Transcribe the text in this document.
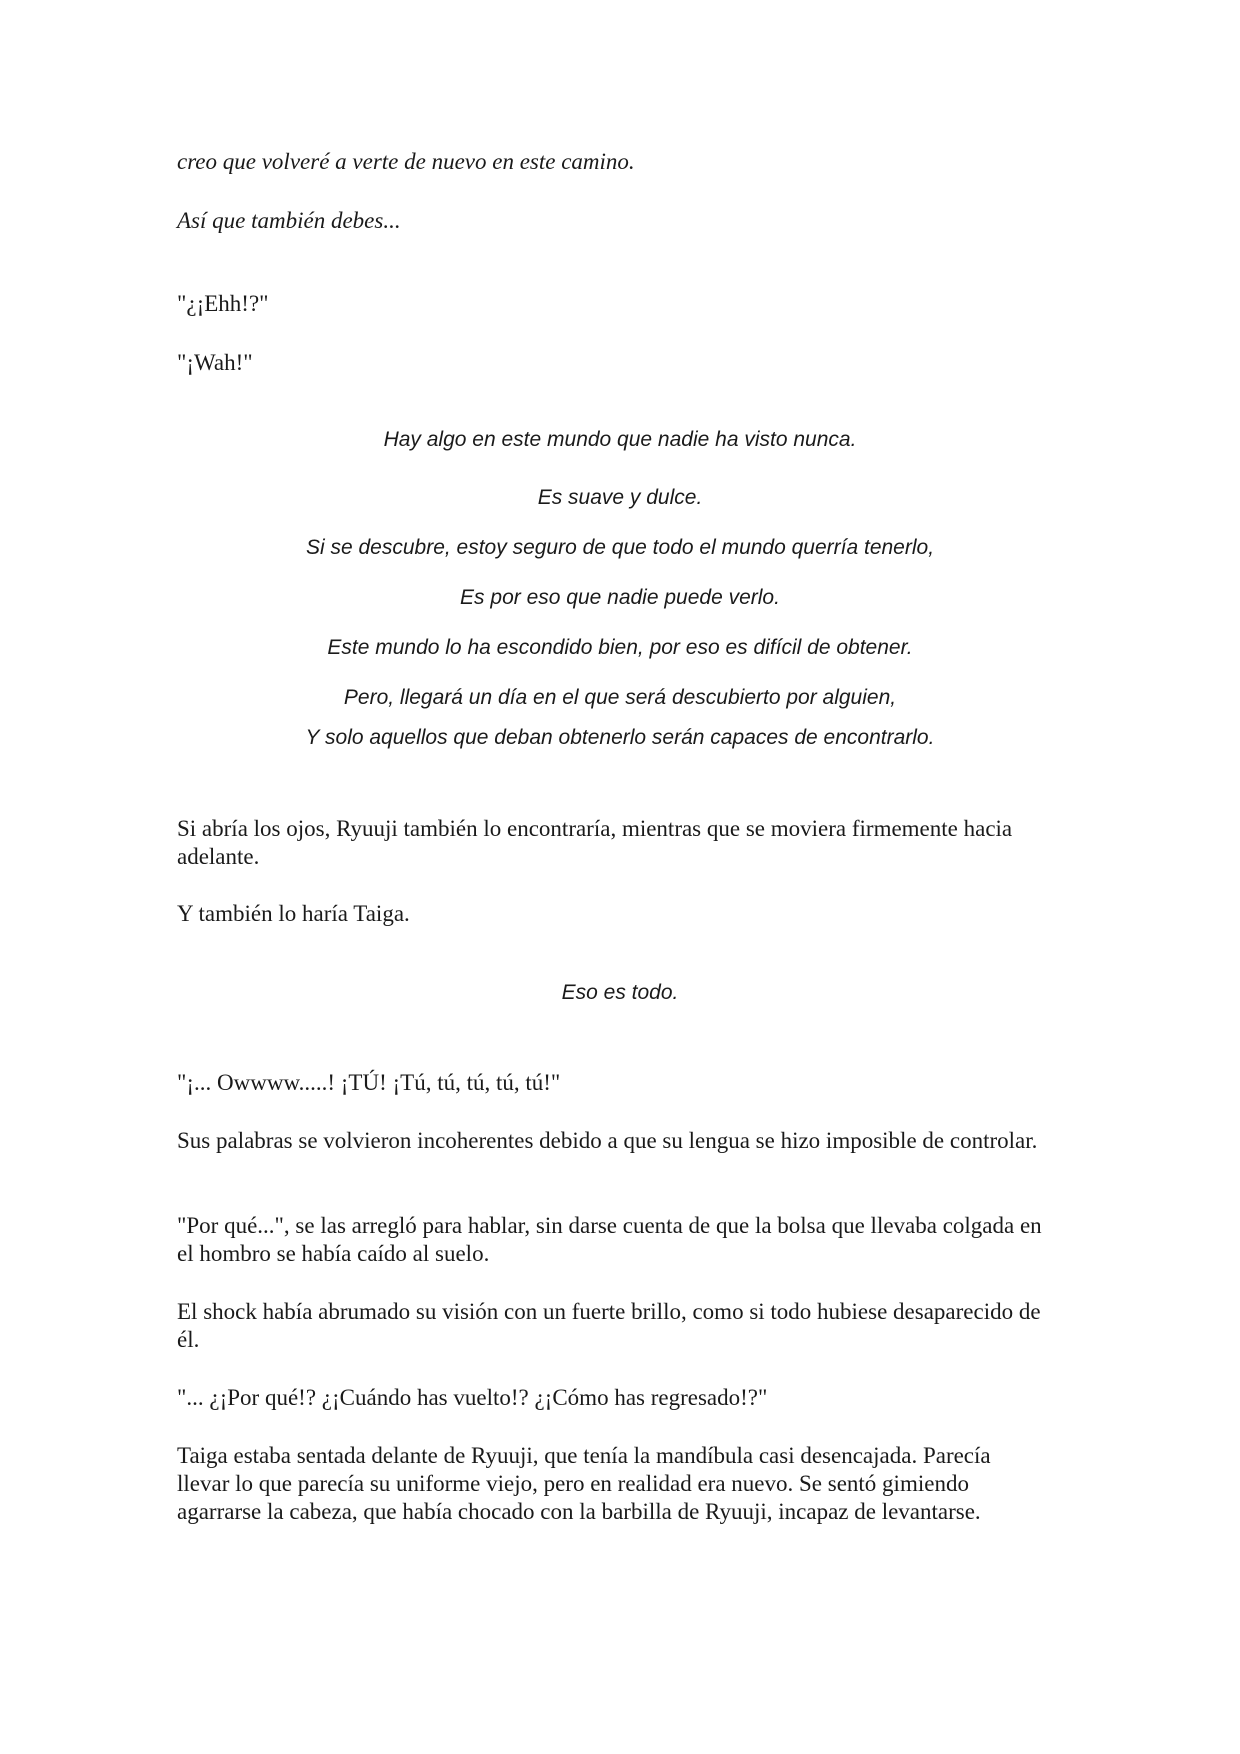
creo que volveré a verte de nuevo en este camino.

Así que también debes...

"¿¡Ehh!?"

"¡Wah!"

Hay algo en este mundo que nadie ha visto nunca.

Es suave y dulce.

Si se descubre, estoy seguro de que todo el mundo querría tenerlo,

Es por eso que nadie puede verlo.

Este mundo lo ha escondido bien, por eso es difícil de obtener.

Pero, llegará un día en el que será descubierto por alguien,

Y solo aquellos que deban obtenerlo serán capaces de encontrarlo.

Si abría los ojos, Ryuuji también lo encontraría, mientras que se moviera firmemente hacia adelante.

Y también lo haría Taiga.

Eso es todo.

"¡... Owwww.....! ¡TÚ! ¡Tú, tú, tú, tú, tú!"

Sus palabras se volvieron incoherentes debido a que su lengua se hizo imposible de controlar.

"Por qué...", se las arregló para hablar, sin darse cuenta de que la bolsa que llevaba colgada en el hombro se había caído al suelo.

El shock había abrumado su visión con un fuerte brillo, como si todo hubiese desaparecido de él.

"... ¿¡Por qué!? ¿¡Cuándo has vuelto!? ¿¡Cómo has regresado!?"

Taiga estaba sentada delante de Ryuuji, que tenía la mandíbula casi desencajada. Parecía llevar lo que parecía su uniforme viejo, pero en realidad era nuevo. Se sentó gimiendo agarrarse la cabeza, que había chocado con la barbilla de Ryuuji, incapaz de levantarse.
